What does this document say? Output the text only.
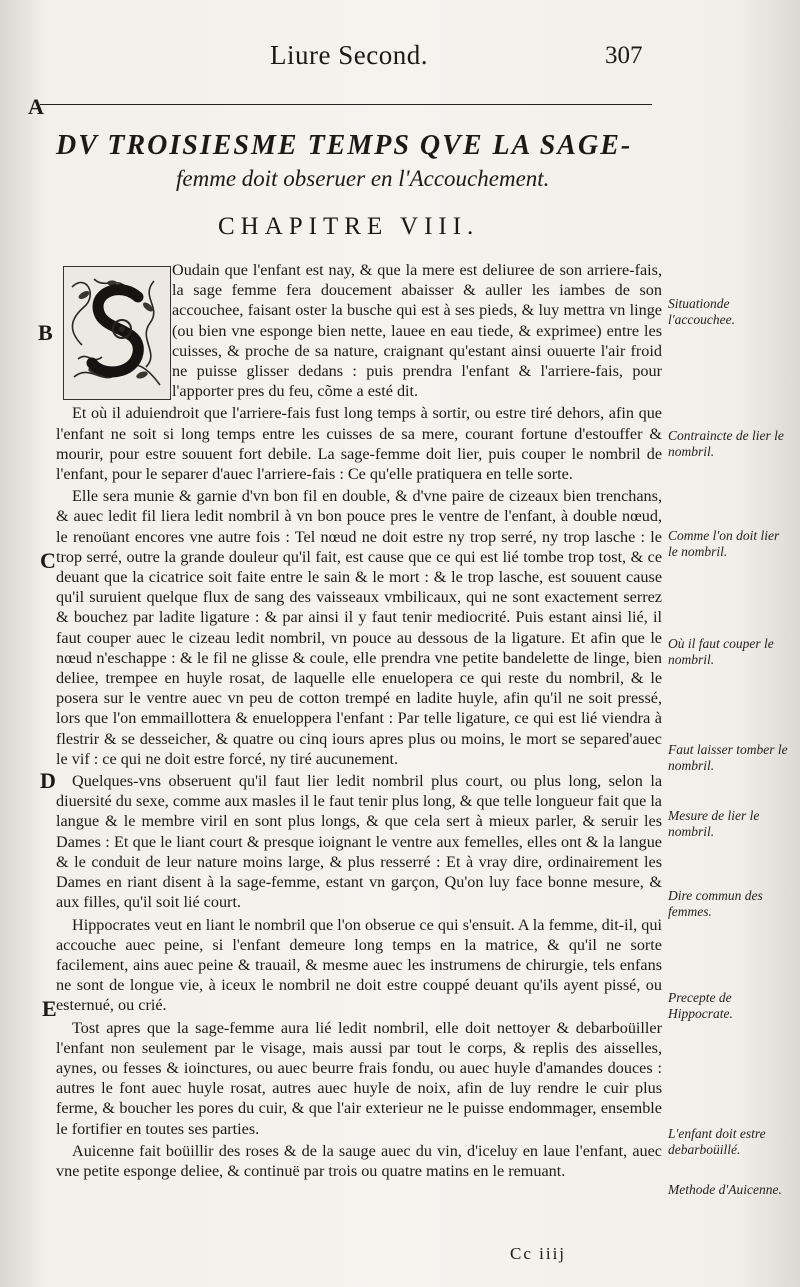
Liure Second.	307
A
B
C
D
E
DV TROISIESME TEMPS QVE LA SAGE-
femme doit obseruer en l'Accouchement.
CHAPITRE VIII.

Oudain que l'enfant est nay, & que la mere est deliuree de son arriere-fais, la sage femme fera doucement abaisser & auller les iambes de son accouchee, faisant oster la busche qui est à ses pieds, & luy mettra vn linge (ou bien vne esponge bien nette, lauee en eau tiede, & exprimee) entre les cuisses, & proche de sa nature, craignant qu'estant ainsi ouuerte l'air froid ne puisse glisser dedans : puis prendra l'enfant & l'arriere-fais, pour l'apporter pres du feu, cõme a esté dit.

Et où il aduiendroit que l'arriere-fais fust long temps à sortir, ou estre tiré dehors, afin que l'enfant ne soit si long temps entre les cuisses de sa mere, courant fortune d'estouffer & mourir, pour estre souuent fort debile. La sage-femme doit lier, puis couper le nombril de l'enfant, pour le separer d'auec l'arriere-fais : Ce qu'elle pratiquera en telle sorte.

Elle sera munie & garnie d'vn bon fil en double, & d'vne paire de cizeaux bien trenchans, & auec ledit fil liera ledit nombril à vn bon pouce pres le ventre de l'enfant, à double nœud, le renoüant encores vne autre fois : Tel nœud ne doit estre ny trop serré, ny trop lasche : le trop serré, outre la grande douleur qu'il fait, est cause que ce qui est lié tombe trop tost, & ce deuant que la cicatrice soit faite entre le sain & le mort : & le trop lasche, est souuent cause qu'il suruient quelque flux de sang des vaisseaux vmbilicaux, qui ne sont exactement serrez & bouchez par ladite ligature : & par ainsi il y faut tenir mediocrité. Puis estant ainsi lié, il faut couper auec le cizeau ledit nombril, vn pouce au dessous de la ligature. Et afin que le nœud n'eschappe : & le fil ne glisse & coule, elle prendra vne petite bandelette de linge, bien deliee, trempee en huyle rosat, de laquelle elle enuelopera ce qui reste du nombril, & le posera sur le ventre auec vn peu de cotton trempé en ladite huyle, afin qu'il ne soit pressé, lors que l'on emmaillottera & enueloppera l'enfant : Par telle ligature, ce qui est lié viendra à flestrir & se desseicher, & quatre ou cinq iours apres plus ou moins, le mort se separed'auec le vif : ce qui ne doit estre forcé, ny tiré aucunement.

Quelques-vns obseruent qu'il faut lier ledit nombril plus court, ou plus long, selon la diuersité du sexe, comme aux masles il le faut tenir plus long, & que telle longueur fait que la langue & le membre viril en sont plus longs, & que cela sert à mieux parler, & seruir les Dames : Et que le liant court & presque ioignant le ventre aux femelles, elles ont & la langue & le conduit de leur nature moins large, & plus resserré : Et à vray dire, ordinairement les Dames en riant disent à la sage-femme, estant vn garçon, Qu'on luy face bonne mesure, & aux filles, qu'il soit lié court.

Hippocrates veut en liant le nombril que l'on obserue ce qui s'ensuit. A la femme, dit-il, qui accouche auec peine, si l'enfant demeure long temps en la matrice, & qu'il ne sorte facilement, ains auec peine & trauail, & mesme auec les instrumens de chirurgie, tels enfans ne sont de longue vie, à iceux le nombril ne doit estre couppé deuant qu'ils ayent pissé, ou esternué, ou crié.

Tost apres que la sage-femme aura lié ledit nombril, elle doit nettoyer & debarboüiller l'enfant non seulement par le visage, mais aussi par tout le corps, & replis des aisselles, aynes, ou fesses & ioinctures, ou auec beurre frais fondu, ou auec huyle d'amandes douces : autres le font auec huyle rosat, autres auec huyle de noix, afin de luy rendre le cuir plus ferme, & boucher les pores du cuir, & que l'air exterieur ne le puisse endommager, ensemble le fortifier en toutes ses parties.

Auicenne fait boüillir des roses & de la sauge auec du vin, d'iceluy en laue l'enfant, auec vne petite esponge deliee, & continuë par trois ou quatre matins en le remuant.

Situationde l'accouchee.
Contraincte de lier le nombril.
Comme l'on doit lier le nombril.
Où il faut couper le nombril.
Faut laisser tomber le nombril.
Mesure de lier le nombril.
Dire commun des femmes.
Precepte de Hippocrate.
L'enfant doit estre debarboüillé.
Methode d'Auicenne.
Cc iiij
